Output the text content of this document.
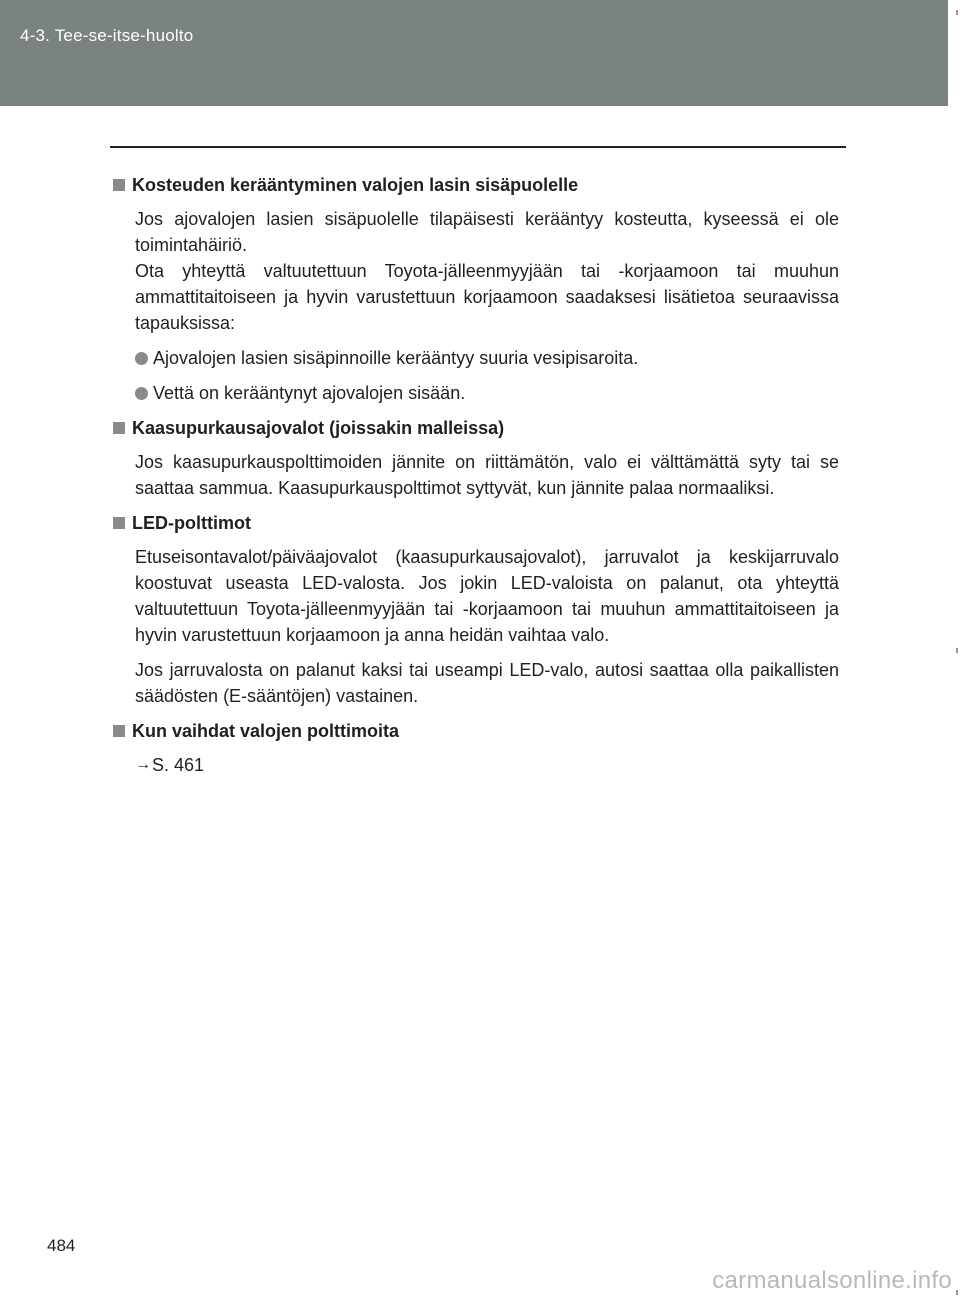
4-3. Tee-se-itse-huolto
Kosteuden kerääntyminen valojen lasin sisäpuolelle

Jos ajovalojen lasien sisäpuolelle tilapäisesti kerääntyy kosteutta, kyseessä ei ole toimintahäiriö.

Ota yhteyttä valtuutettuun Toyota-jälleenmyyjään tai -korjaamoon tai muuhun ammattitaitoiseen ja hyvin varustettuun korjaamoon saadaksesi lisätietoa seuraavissa tapauksissa:

Ajovalojen lasien sisäpinnoille kerääntyy suuria vesipisaroita.
Vettä on kerääntynyt ajovalojen sisään.
Kaasupurkausajovalot (joissakin malleissa)

Jos kaasupurkauspolttimoiden jännite on riittämätön, valo ei välttämättä syty tai se saattaa sammua. Kaasupurkauspolttimot syttyvät, kun jännite palaa normaaliksi.

LED-polttimot

Etuseisontavalot/päiväajovalot (kaasupurkausajovalot), jarruvalot ja keskijarruvalo koostuvat useasta LED-valosta. Jos jokin LED-valoista on palanut, ota yhteyttä valtuutettuun Toyota-jälleenmyyjään tai -korjaamoon tai muuhun ammattitaitoiseen ja hyvin varustettuun korjaamoon ja anna heidän vaihtaa valo.

Jos jarruvalosta on palanut kaksi tai useampi LED-valo, autosi saattaa olla paikallisten säädösten (E-sääntöjen) vastainen.

Kun vaihdat valojen polttimoita
→ S. 461
484
carmanualsonline.info
